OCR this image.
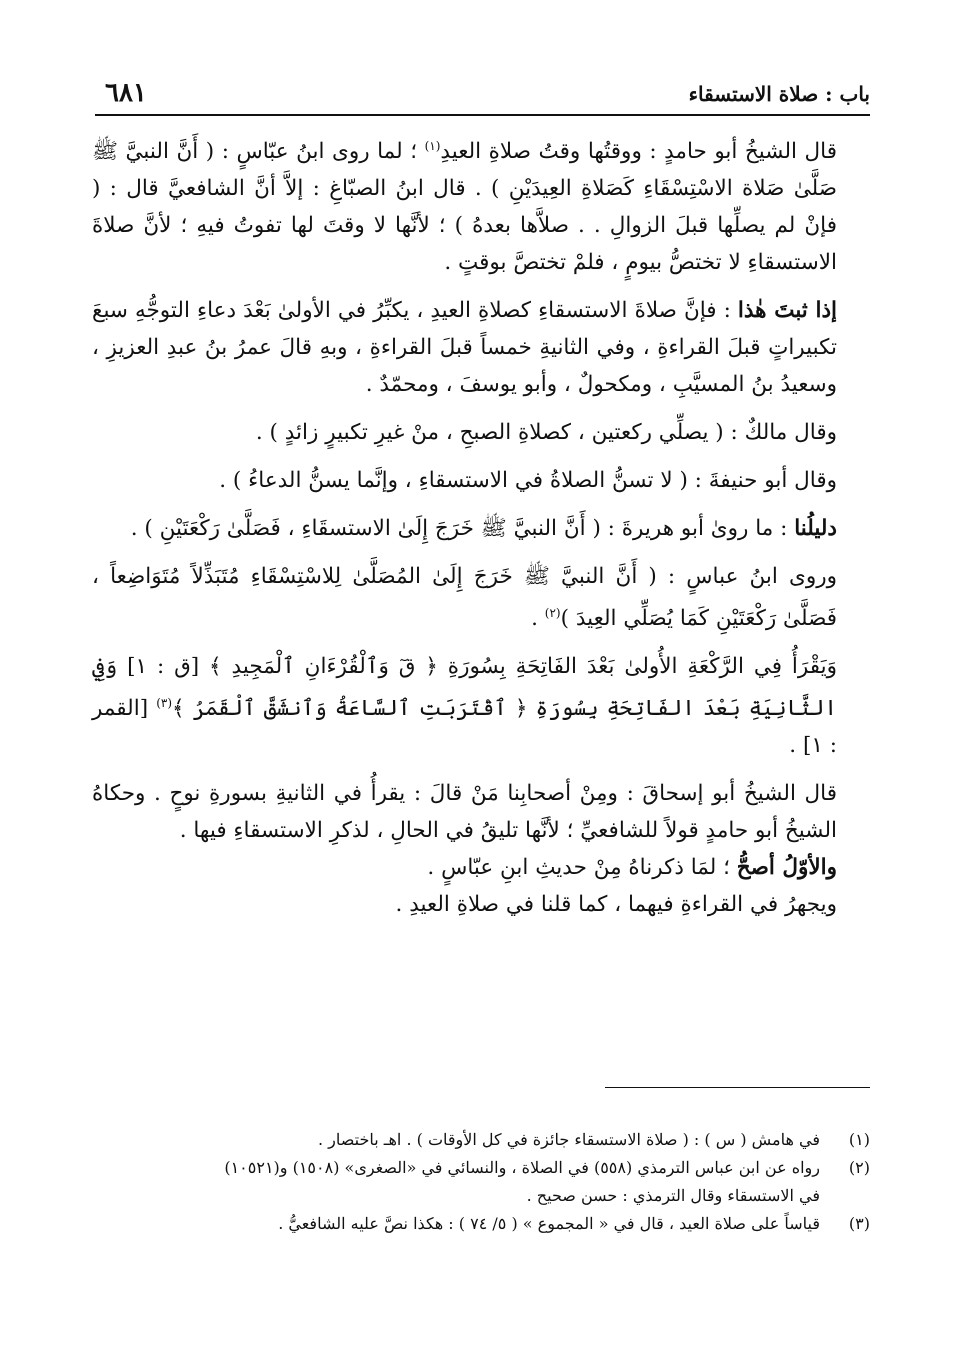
باب : صلاة الاستسقاء
٦٨١

قال الشيخُ أبو حامدٍ : ووقتُها وقتُ صلاةِ العيدِ$^{(١)}$ ؛ لما روى ابنُ عبّاسٍ : ( أَنَّ النبيَّ ﷺ صَلَّىٰ صَلاة الاسْتِسْقَاءِ كَصَلاةِ العِيدَيْنِ ) . قال ابنُ الصبّاغِ : إلاَّ أنَّ الشافعيَّ قال : ( فإنْ لم يصلِّها قبلَ الزوالِ . . صلاَّها بعدهُ ) ؛ لأنَّها لا وقتَ لها تفوتُ فيهِ ؛ لأنَّ صلاةَ الاستسقاءِ لا تختصُّ بيومٍ ، فلمْ تختصَّ بوقتٍ .

إذا ثبتَ هٰذا : فإنَّ صلاةَ الاستسقاءِ كصلاةِ العيدِ ، يكبِّرُ في الأولىٰ بَعْدَ دعاءِ التوجُّهِ سبعَ تكبيراتٍ قبلَ القراءةِ ، وفي الثانيةِ خمساً قبلَ القراءةِ ، وبهِ قالَ عمرُ بنُ عبدِ العزيزِ ، وسعيدُ بنُ المسيَّبِ ، ومكحولٌ ، وأبو يوسفَ ، ومحمّدٌ .

وقال مالكٌ : ( يصلِّي ركعتين ، كصلاةِ الصبحِ ، منْ غيرِ تكبيرٍ زائدٍ ) .

وقال أبو حنيفةَ : ( لا تسنُّ الصلاةُ في الاستسقاءِ ، وإنَّما يسنُّ الدعاءُ ) .

دليلُنا : ما روىٰ أبو هريرةَ : ( أَنَّ النبيَّ ﷺ خَرَجَ إِلَىٰ الاستسقَاءِ ، فَصَلَّىٰ رَكْعَتَيْنِ ) .

وروى ابنُ عباسٍ : ( أَنَّ النبيَّ ﷺ خَرَجَ إِلَىٰ المُصَلَّىٰ لِلاسْتِسْقَاءِ مُتَبَذِّلاً مُتَوَاضِعاً ، فَصَلَّىٰ رَكْعَتَيْنِ كَمَا يُصَلِّي العِيدَ )$^{(٢)}$ .

وَيَقْرَأُ فِي الرَّكْعَةِ الأُولىٰ بَعْدَ الفَاتِحَةِ بِسُورَةِ ﴿ قٓ وَٱلْقُرْءَانِ ٱلْمَجِيدِ ﴾ [ق : ١] وَفِي الثَّانِيَةِ بَعْدَ الفَاتِحَةِ بِسُورَةِ ﴿ ٱقْتَرَبَتِ ٱلسَّاعَةُ وَٱنشَقَّ ٱلْقَمَرُ ﴾$^{(٣)}$ [القمر : ١] .

قال الشيخُ أبو إسحاقَ : ومِنْ أصحابِنا مَنْ قالَ : يقرأُ في الثانيةِ بسورةِ نوحٍ . وحكاهُ الشيخُ أبو حامدٍ قولاً للشافعيِّ ؛ لأنَّها تليقُ في الحالِ ، لذكرِ الاستسقاءِ فيها .

والأوّلُ أصحُّ ؛ لمَا ذكرناهُ مِنْ حديثِ ابنِ عبّاسٍ .

ويجهرُ في القراءةِ فيهما ، كما قلنا في صلاةِ العيدِ .

(١)
في هامش ( س ) : ( صلاة الاستسقاء جائزة في كل الأوقات ) . اهـ باختصار .
(٢)
رواه عن ابن عباس الترمذي (٥٥٨) في الصلاة ، والنسائي في «الصغرى» (١٥٠٨) و(١٠٥٢١)
في الاستسقاء وقال الترمذي : حسن صحيح .
(٣)
قياساً على صلاة العيد ، قال في « المجموع » ( ٥/ ٧٤ ) : هكذا نصَّ عليه الشافعيُّ .
